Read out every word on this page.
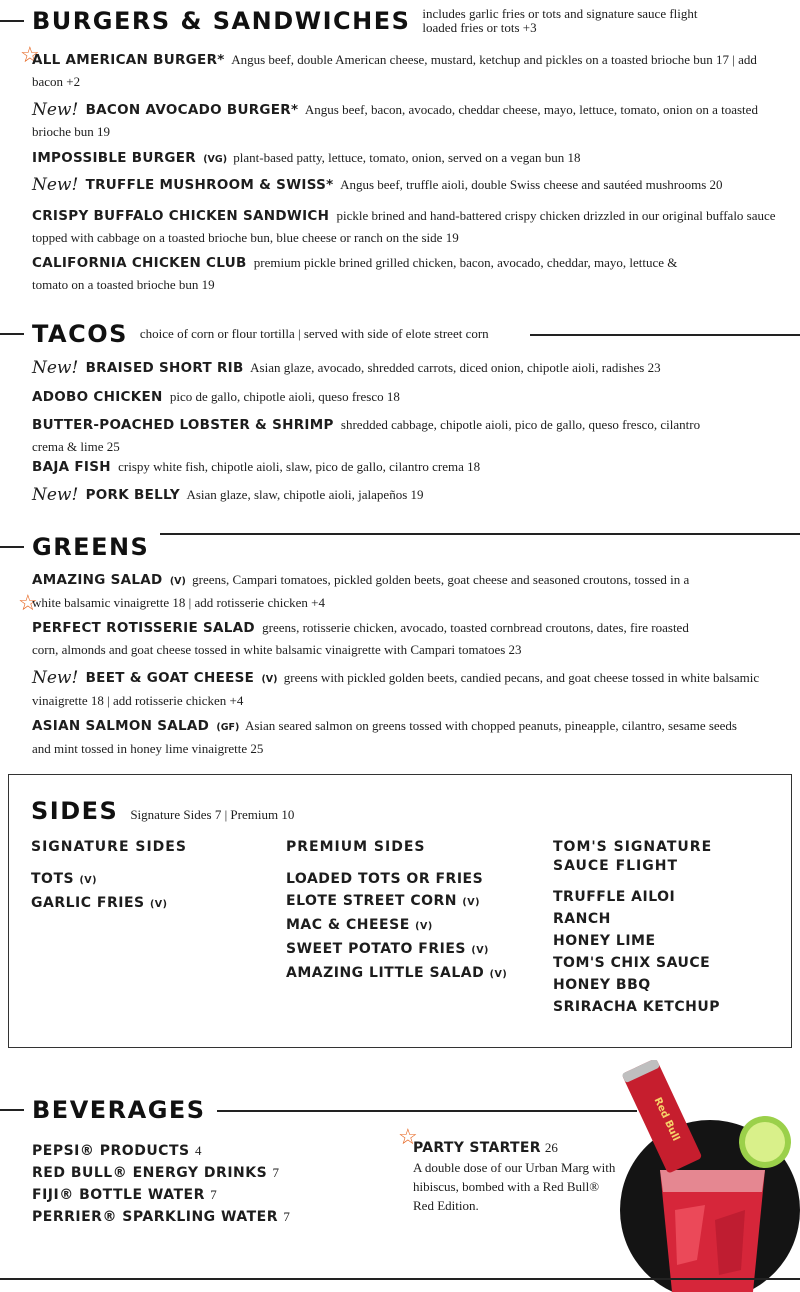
BURGERS & SANDWICHES includes garlic fries or tots and signature sauce flight
loaded fries or tots +3
☆
ALL AMERICAN BURGER* Angus beef, double American cheese, mustard, ketchup and pickles on a toasted brioche bun 17 | add bacon +2
New! BACON AVOCADO BURGER* Angus beef, bacon, avocado, cheddar cheese, mayo, lettuce, tomato, onion on a toasted brioche bun 19
IMPOSSIBLE BURGER (VG) plant-based patty, lettuce, tomato, onion, served on a vegan bun 18
New! TRUFFLE MUSHROOM & SWISS* Angus beef, truffle aioli, double Swiss cheese and sautéed mushrooms 20
CRISPY BUFFALO CHICKEN SANDWICH pickle brined and hand-battered crispy chicken drizzled in our original buffalo sauce topped with cabbage on a toasted brioche bun, blue cheese or ranch on the side 19
CALIFORNIA CHICKEN CLUB premium pickle brined grilled chicken, bacon, avocado, cheddar, mayo, lettuce & tomato on a toasted brioche bun 19
TACOS choice of corn or flour tortilla | served with side of elote street corn
New! BRAISED SHORT RIB Asian glaze, avocado, shredded carrots, diced onion, chipotle aioli, radishes 23
ADOBO CHICKEN pico de gallo, chipotle aioli, queso fresco 18
BUTTER-POACHED LOBSTER & SHRIMP shredded cabbage, chipotle aioli, pico de gallo, queso fresco, cilantro crema & lime 25
BAJA FISH crispy white fish, chipotle aioli, slaw, pico de gallo, cilantro crema 18
New! PORK BELLY Asian glaze, slaw, chipotle aioli, jalapeños 19
GREENS
☆
AMAZING SALAD (V) greens, Campari tomatoes, pickled golden beets, goat cheese and seasoned croutons, tossed in a white balsamic vinaigrette 18 | add rotisserie chicken +4
PERFECT ROTISSERIE SALAD greens, rotisserie chicken, avocado, toasted cornbread croutons, dates, fire roasted corn, almonds and goat cheese tossed in white balsamic vinaigrette with Campari tomatoes 23
New! BEET & GOAT CHEESE (V) greens with pickled golden beets, candied pecans, and goat cheese tossed in white balsamic vinaigrette 18 | add rotisserie chicken +4
ASIAN SALMON SALAD (GF) Asian seared salmon on greens tossed with chopped peanuts, pineapple, cilantro, sesame seeds and mint tossed in honey lime vinaigrette 25
SIDES Signature Sides 7 | Premium 10
SIGNATURE SIDES
TOTS (V)
GARLIC FRIES (V)
PREMIUM SIDES
LOADED TOTS OR FRIES
ELOTE STREET CORN (V)
MAC & CHEESE (V)
SWEET POTATO FRIES (V)
AMAZING LITTLE SALAD (V)
TOM'S SIGNATURE
SAUCE FLIGHT
TRUFFLE AILOI
RANCH
HONEY LIME
TOM'S CHIX SAUCE
HONEY BBQ
SRIRACHA KETCHUP
BEVERAGES
PEPSI® PRODUCTS 4
RED BULL® ENERGY DRINKS 7
FIJI® BOTTLE WATER 7
PERRIER® SPARKLING WATER 7
☆
PARTY STARTER 26
A double dose of our Urban Marg with hibiscus, bombed with a Red Bull® Red Edition.
Red Bull
